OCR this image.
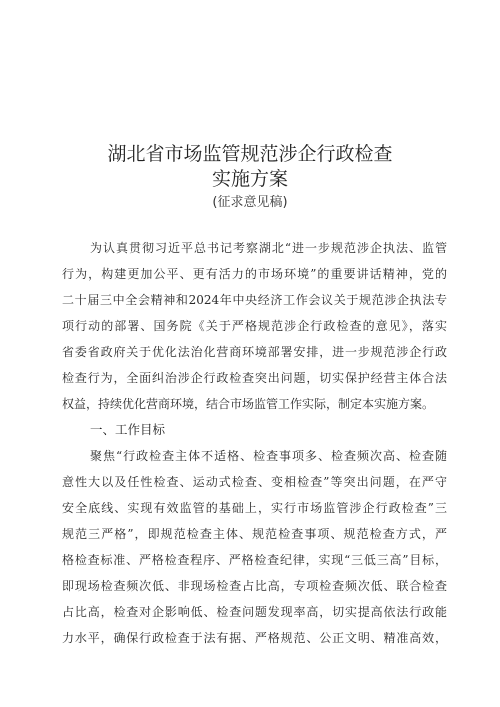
湖北省市场监管规范涉企行政检查
实施方案
(征求意见稿)
为认真贯彻习近平总书记考察湖北“进一步规范涉企执法、监管
行为，构建更加公平、更有活力的市场环境”的重要讲话精神，党的
二十届三中全会精神和2024年中央经济工作会议关于规范涉企执法专
项行动的部署、国务院《关于严格规范涉企行政检查的意见》，落实
省委省政府关于优化法治化营商环境部署安排，进一步规范涉企行政
检查行为，全面纠治涉企行政检查突出问题，切实保护经营主体合法
权益，持续优化营商环境，结合市场监管工作实际，制定本实施方案。
一、工作目标
聚焦“行政检查主体不适格、检查事项多、检查频次高、检查随
意性大以及任性检查、运动式检查、变相检查”等突出问题，在严守
安全底线、实现有效监管的基础上，实行市场监管涉企行政检查”三
规范三严格”，即规范检查主体、规范检查事项、规范检查方式，严
格检查标准、严格检查程序、严格检查纪律，实现“三低三高”目标，
即现场检查频次低、非现场检查占比高，专项检查频次低、联合检查
占比高，检查对企影响低、检查问题发现率高，切实提高依法行政能
力水平，确保行政检查于法有据、严格规范、公正文明、精准高效，
